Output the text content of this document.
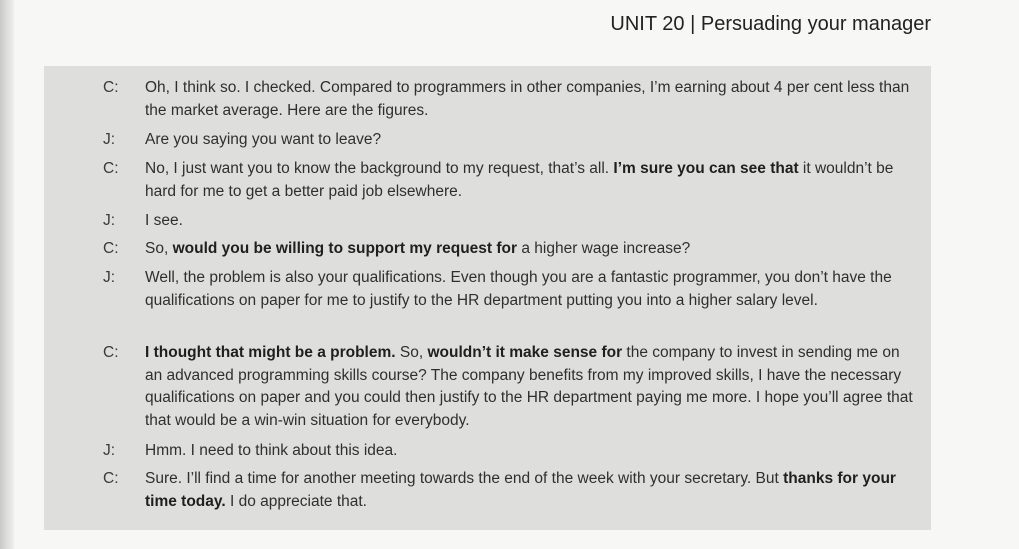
UNIT 20 | Persuading your manager
C:	Oh, I think so. I checked. Compared to programmers in other companies, I’m earning about 4 per cent less than the market average. Here are the figures.
J:	Are you saying you want to leave?
C:	No, I just want you to know the background to my request, that’s all. I’m sure you can see that it wouldn’t be hard for me to get a better paid job elsewhere.
J:	I see.
C:	So, would you be willing to support my request for a higher wage increase?
J:	Well, the problem is also your qualifications. Even though you are a fantastic programmer, you don’t have the qualifications on paper for me to justify to the HR department putting you into a higher salary level.
C:	I thought that might be a problem. So, wouldn’t it make sense for the company to invest in sending me on an advanced programming skills course? The company benefits from my improved skills, I have the necessary qualifications on paper and you could then justify to the HR department paying me more. I hope you’ll agree that that would be a win-win situation for everybody.
J:	Hmm. I need to think about this idea.
C:	Sure. I’ll find a time for another meeting towards the end of the week with your secretary. But thanks for your time today. I do appreciate that.
